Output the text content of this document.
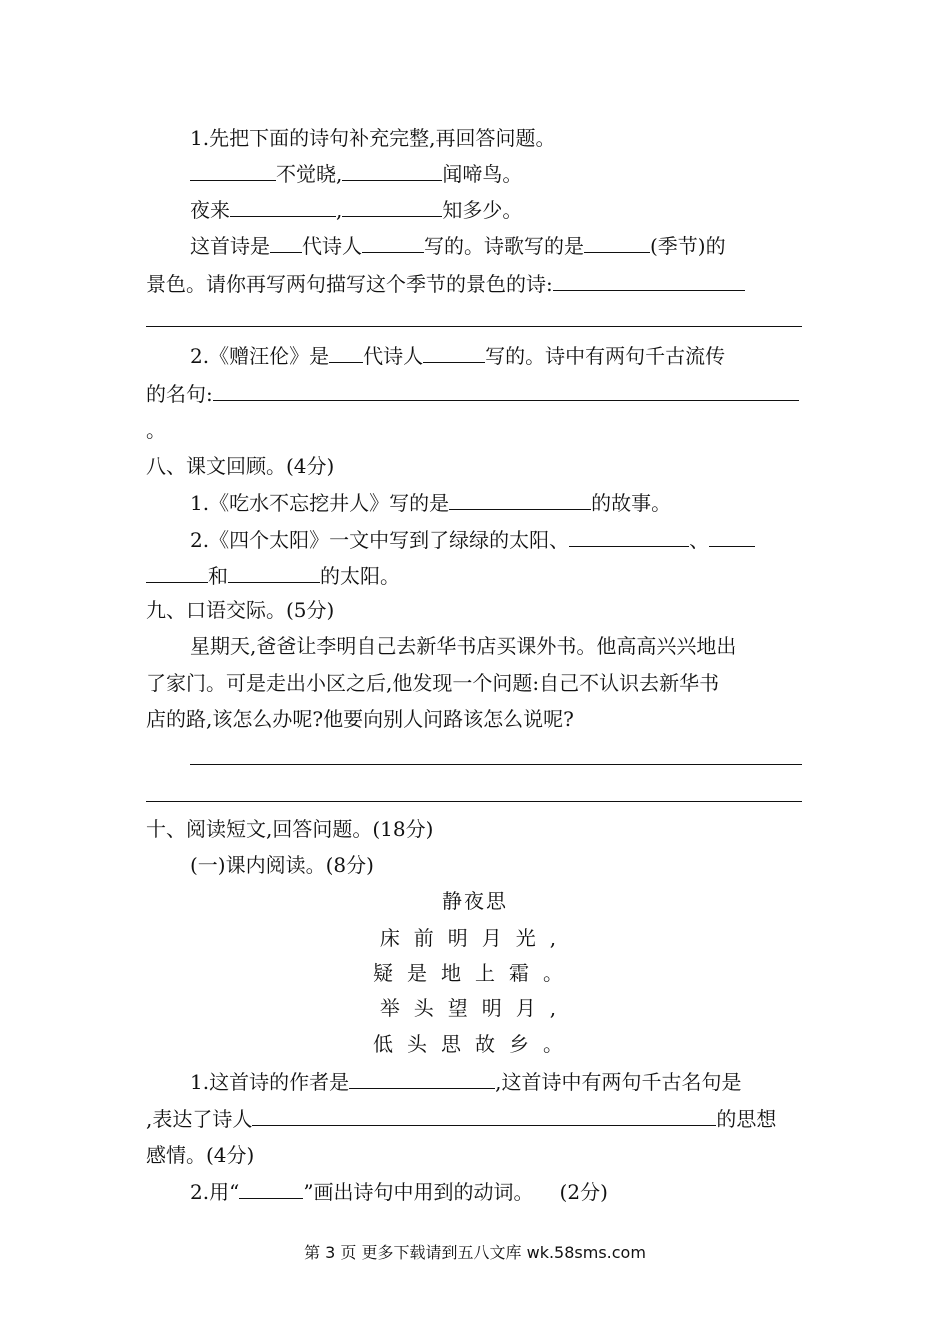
1.先把下面的诗句补充完整,再回答问题。
不觉晓,	闻啼鸟。
夜来	,	知多少。
这首诗是 代诗人	写的。诗歌写的是	(季节)的
景色。请你再写两句描写这个季节的景色的诗:
2.《赠汪伦》是 代诗人	写的。诗中有两句千古流传
的名句:
。
八、课文回顾。(4分)
1.《吃水不忘挖井人》写的是	的故事。
2.《四个太阳》一文中写到了绿绿的太阳、	、
和	的太阳。
九、口语交际。(5分)
星期天,爸爸让李明自己去新华书店买课外书。他高高兴兴地出
了家门。可是走出小区之后,他发现一个问题:自己不认识去新华书
店的路,该怎么办呢?他要向别人问路该怎么说呢?
十、阅读短文,回答问题。(18分)
(一)课内阅读。(8分)
静夜思
床前明月光,
疑是地上霜。
举头望明月,
低头思故乡。
1.这首诗的作者是	,这首诗中有两句千古名句是
,表达了诗人	的思想
感情。(4分)
2.用“	”画出诗句中用到的动词。 (2分)
第 3 页 更多下载请到五八文库 wk.58sms.com
